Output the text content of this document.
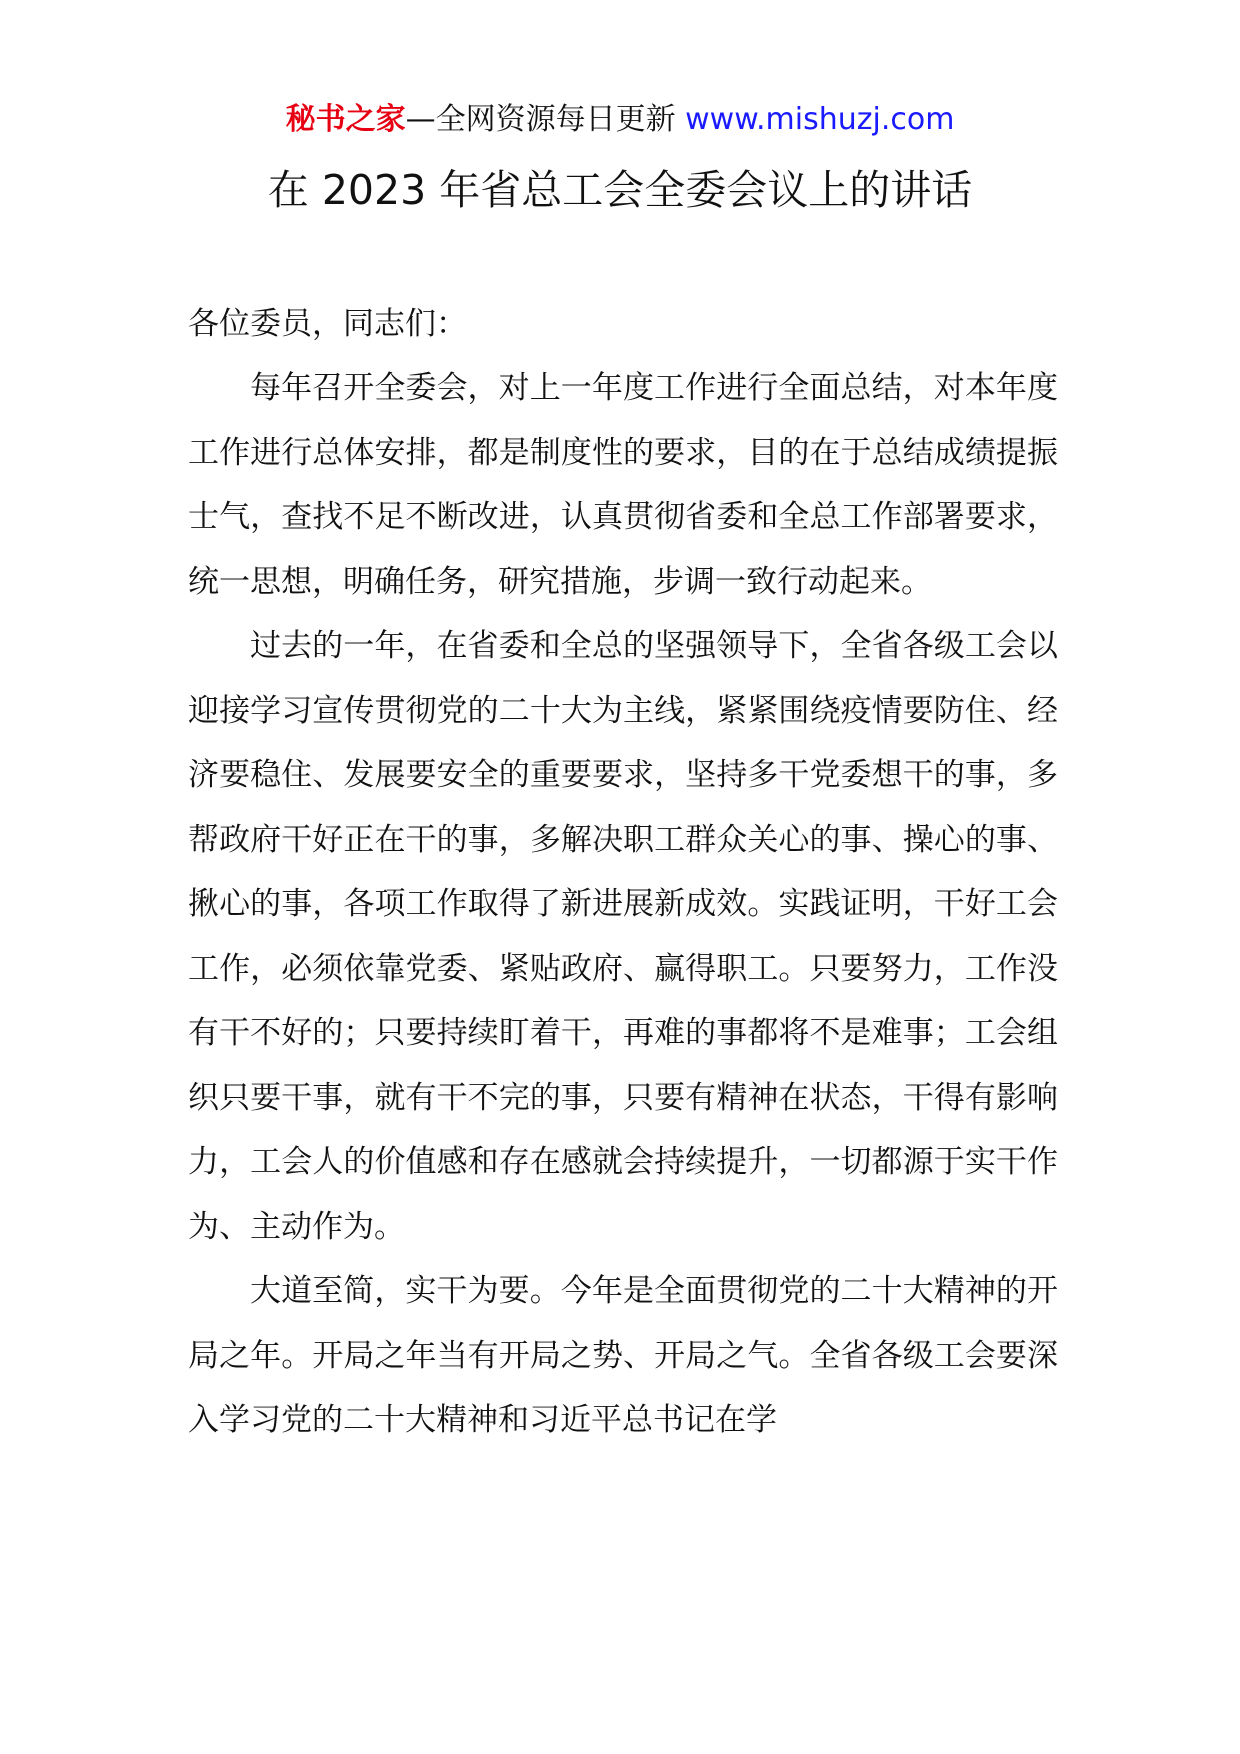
秘书之家—全网资源每日更新 www.mishuzj.com
在 2023 年省总工会全委会议上的讲话

各位委员，同志们：

每年召开全委会，对上一年度工作进行全面总结，对本年度工作进行总体安排，都是制度性的要求，目的在于总结成绩提振士气，查找不足不断改进，认真贯彻省委和全总工作部署要求，统一思想，明确任务，研究措施，步调一致行动起来。

过去的一年，在省委和全总的坚强领导下，全省各级工会以迎接学习宣传贯彻党的二十大为主线，紧紧围绕疫情要防住、经济要稳住、发展要安全的重要要求，坚持多干党委想干的事，多帮政府干好正在干的事，多解决职工群众关心的事、操心的事、揪心的事，各项工作取得了新进展新成效。实践证明，干好工会工作，必须依靠党委、紧贴政府、赢得职工。只要努力，工作没有干不好的；只要持续盯着干，再难的事都将不是难事；工会组织只要干事，就有干不完的事，只要有精神在状态，干得有影响力，工会人的价值感和存在感就会持续提升，一切都源于实干作为、主动作为。

大道至简，实干为要。今年是全面贯彻党的二十大精神的开局之年。开局之年当有开局之势、开局之气。全省各级工会要深入学习党的二十大精神和习近平总书记在学
